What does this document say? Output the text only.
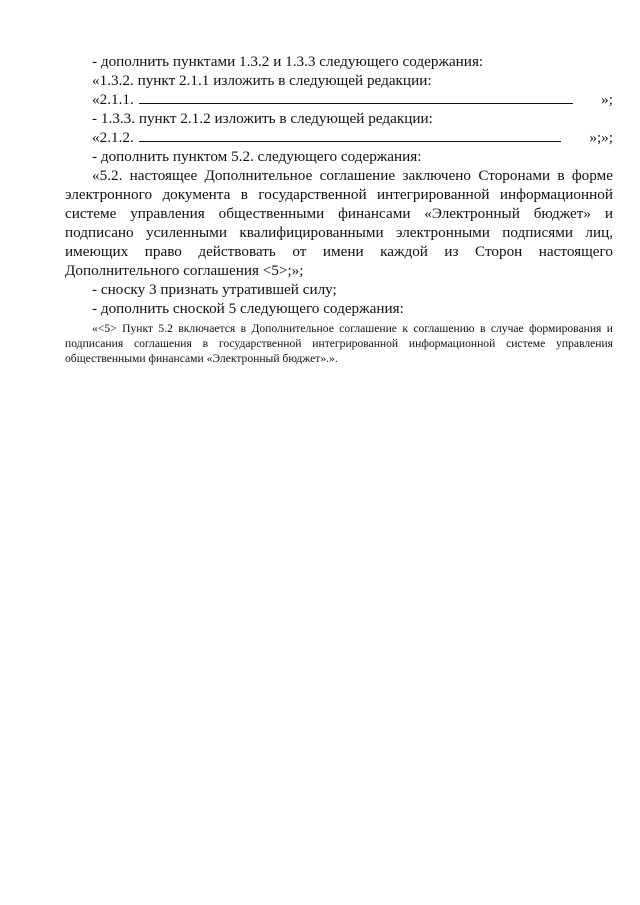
- дополнить пунктами 1.3.2 и 1.3.3 следующего содержания:

«1.3.2. пункт 2.1.1 изложить в следующей редакции:

«2.1.1.	»;

- 1.3.3. пункт 2.1.2 изложить в следующей редакции:

«2.1.2.	»;»;

- дополнить пунктом 5.2. следующего содержания:

«5.2. настоящее Дополнительное соглашение заключено Сторонами в форме электронного документа в государственной интегрированной информационной системе управления общественными финансами «Электронный бюджет» и подписано усиленными квалифицированными электронными подписями лиц, имеющих право действовать от имени каждой из Сторон настоящего Дополнительного соглашения <5>;»;

- сноску 3 признать утратившей силу;

- дополнить сноской 5 следующего содержания:

«<5> Пункт 5.2 включается в Дополнительное соглашение к соглашению в случае формирования и подписания соглашения в государственной интегрированной информационной системе управления общественными финансами «Электронный бюджет».».
